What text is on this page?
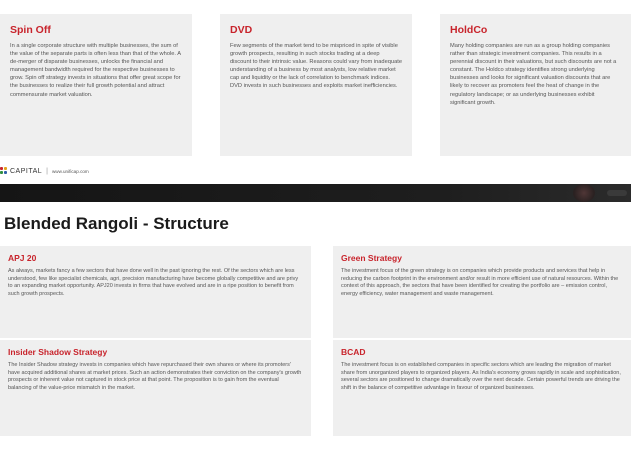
Spin Off
In a single corporate structure with multiple businesses, the sum of the value of the separate parts is often less than that of the whole. A de-merger of disparate businesses, unlocks the financial and management bandwidth required for the respective businesses to grow. Spin off strategy invests in situations that offer great scope for the businesses to realize their full growth potential and attract commensurate market valuation.
DVD
Few segments of the market tend to be mispriced in spite of visible growth prospects, resulting in such stocks trading at a deep discount to their intrinsic value. Reasons could vary from inadequate understanding of a business by most analysts, low relative market cap and liquidity or the lack of correlation to benchmark indices. DVD invests in such businesses and exploits market inefficiencies.
HoldCo
Many holding companies are run as a group holding companies rather than strategic investment companies. This results in a perennial discount in their valuations, but such discounts are not a constant. The Holdco strategy identifies strong underlying businesses and looks for significant valuation discounts that are likely to recover as promoters feel the heat of change in the regulatory landscape; or as underlying businesses exhibit significant growth.
CAPITAL | www.unificap.com
Blended Rangoli - Structure
APJ 20
As always, markets fancy a few sectors that have done well in the past ignoring the rest. Of the sectors which are less understood, few like specialist chemicals, agri, precision manufacturing have become globally competitive and are privy to an expanding market opportunity. APJ20 invests in firms that have evolved and are in a ripe position to benefit from such growth prospects.
Green Strategy
The investment focus of the green strategy is on companies which provide products and services that help in reducing the carbon footprint in the environment and/or result in more efficient use of natural resources. Within the context of this approach, the sectors that have been identified for creating the portfolio are – emission control, energy efficiency, water management and waste management.
Insider Shadow Strategy
The Insider Shadow strategy invests in companies which have repurchased their own shares or where its promoters' have acquired additional shares at market prices. Such an action demonstrates their conviction on the company's growth prospects or inherent value not captured in stock price at that point. The proposition is to gain from the eventual balancing of the value-price mismatch in the market.
BCAD
The investment focus is on established companies in specific sectors which are leading the migration of market share from unorganized players to organized players. As India's economy grows rapidly in scale and sophistication, several sectors are positioned to change dramatically over the next decade. Certain powerful trends are driving the shift in the balance of competitive advantage in favour of organized businesses.
